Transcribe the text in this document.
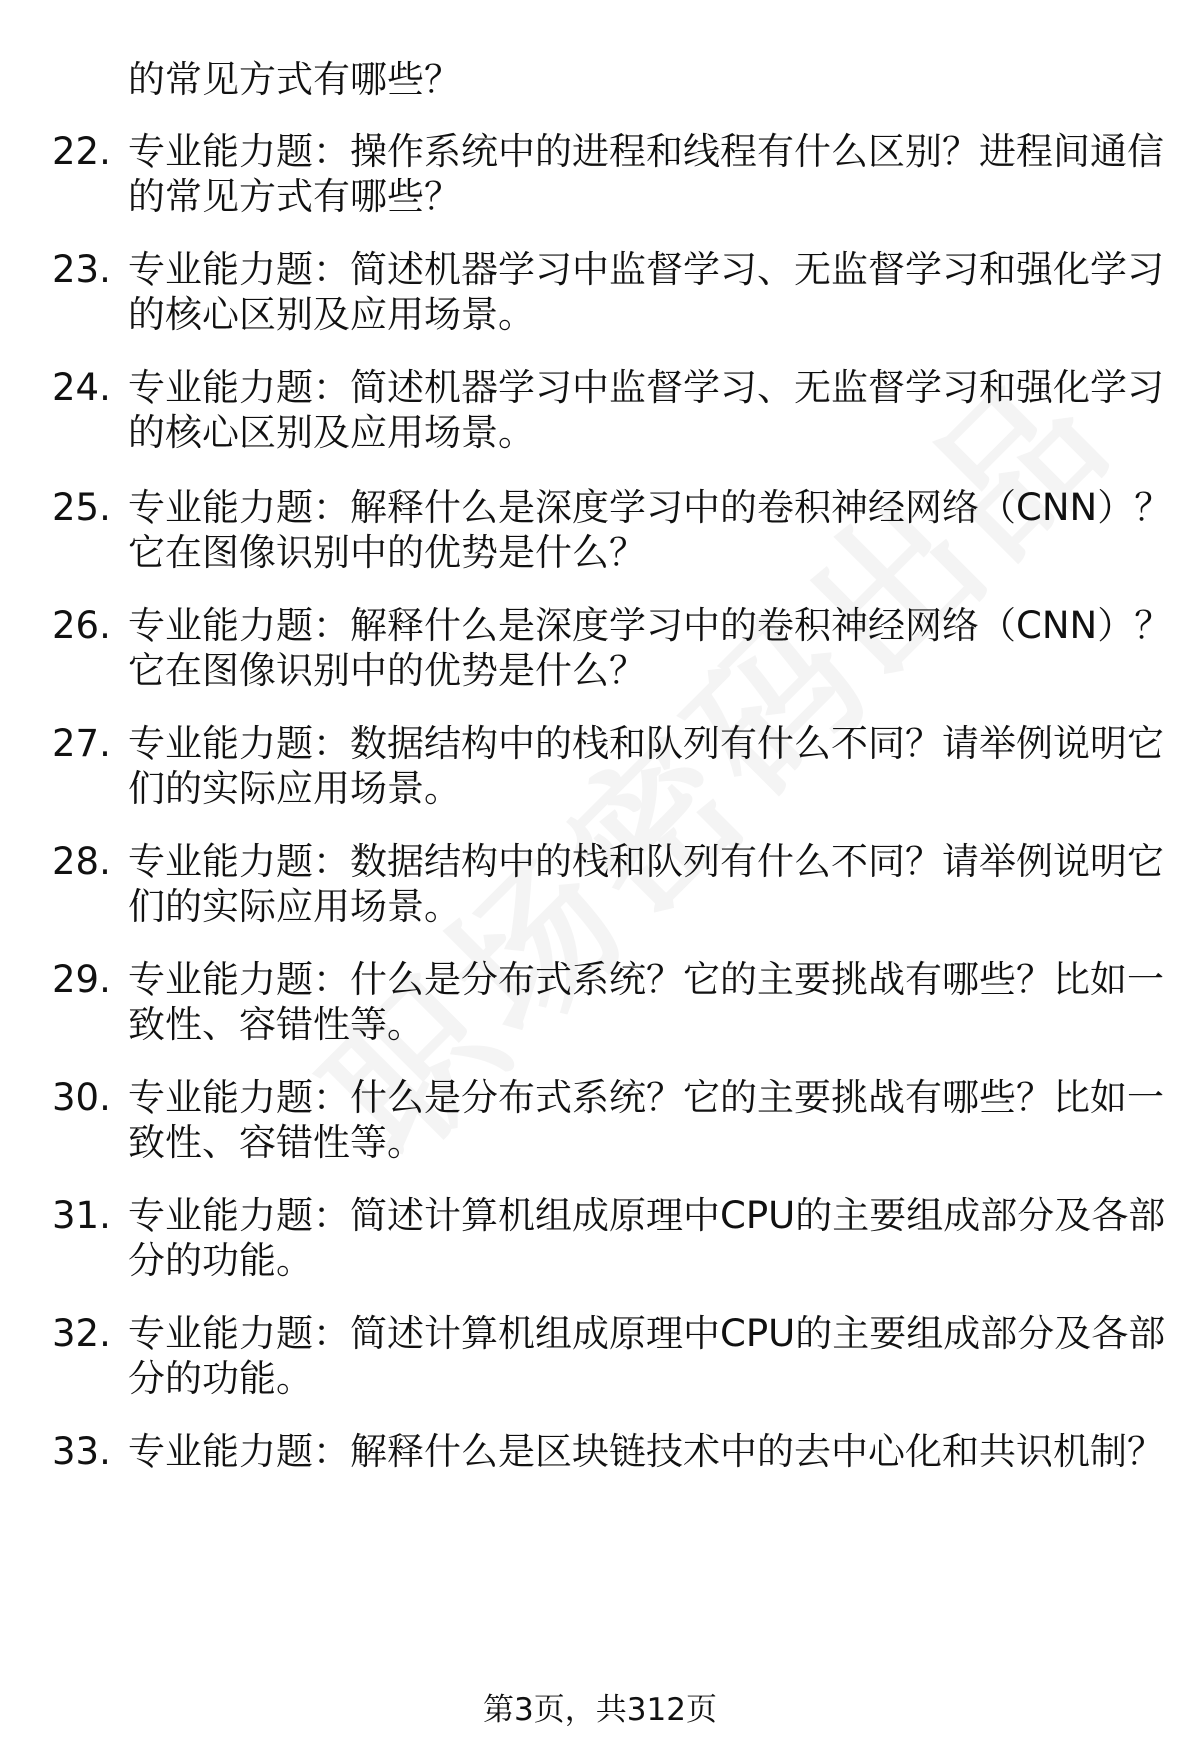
的常见方式有哪些？
22. 专业能力题：操作系统中的进程和线程有什么区别？进程间通信
的常见方式有哪些？
23. 专业能力题：简述机器学习中监督学习、无监督学习和强化学习
的核心区别及应用场景。
24. 专业能力题：简述机器学习中监督学习、无监督学习和强化学习
的核心区别及应用场景。
25. 专业能力题：解释什么是深度学习中的卷积神经网络（CNN）？
它在图像识别中的优势是什么？
26. 专业能力题：解释什么是深度学习中的卷积神经网络（CNN）？
它在图像识别中的优势是什么？
27. 专业能力题：数据结构中的栈和队列有什么不同？请举例说明它
们的实际应用场景。
28. 专业能力题：数据结构中的栈和队列有什么不同？请举例说明它
们的实际应用场景。
29. 专业能力题：什么是分布式系统？它的主要挑战有哪些？比如一
致性、容错性等。
30. 专业能力题：什么是分布式系统？它的主要挑战有哪些？比如一
致性、容错性等。
31. 专业能力题：简述计算机组成原理中CPU的主要组成部分及各部
分的功能。
32. 专业能力题：简述计算机组成原理中CPU的主要组成部分及各部
分的功能。
33. 专业能力题：解释什么是区块链技术中的去中心化和共识机制？
第3页，共312页
